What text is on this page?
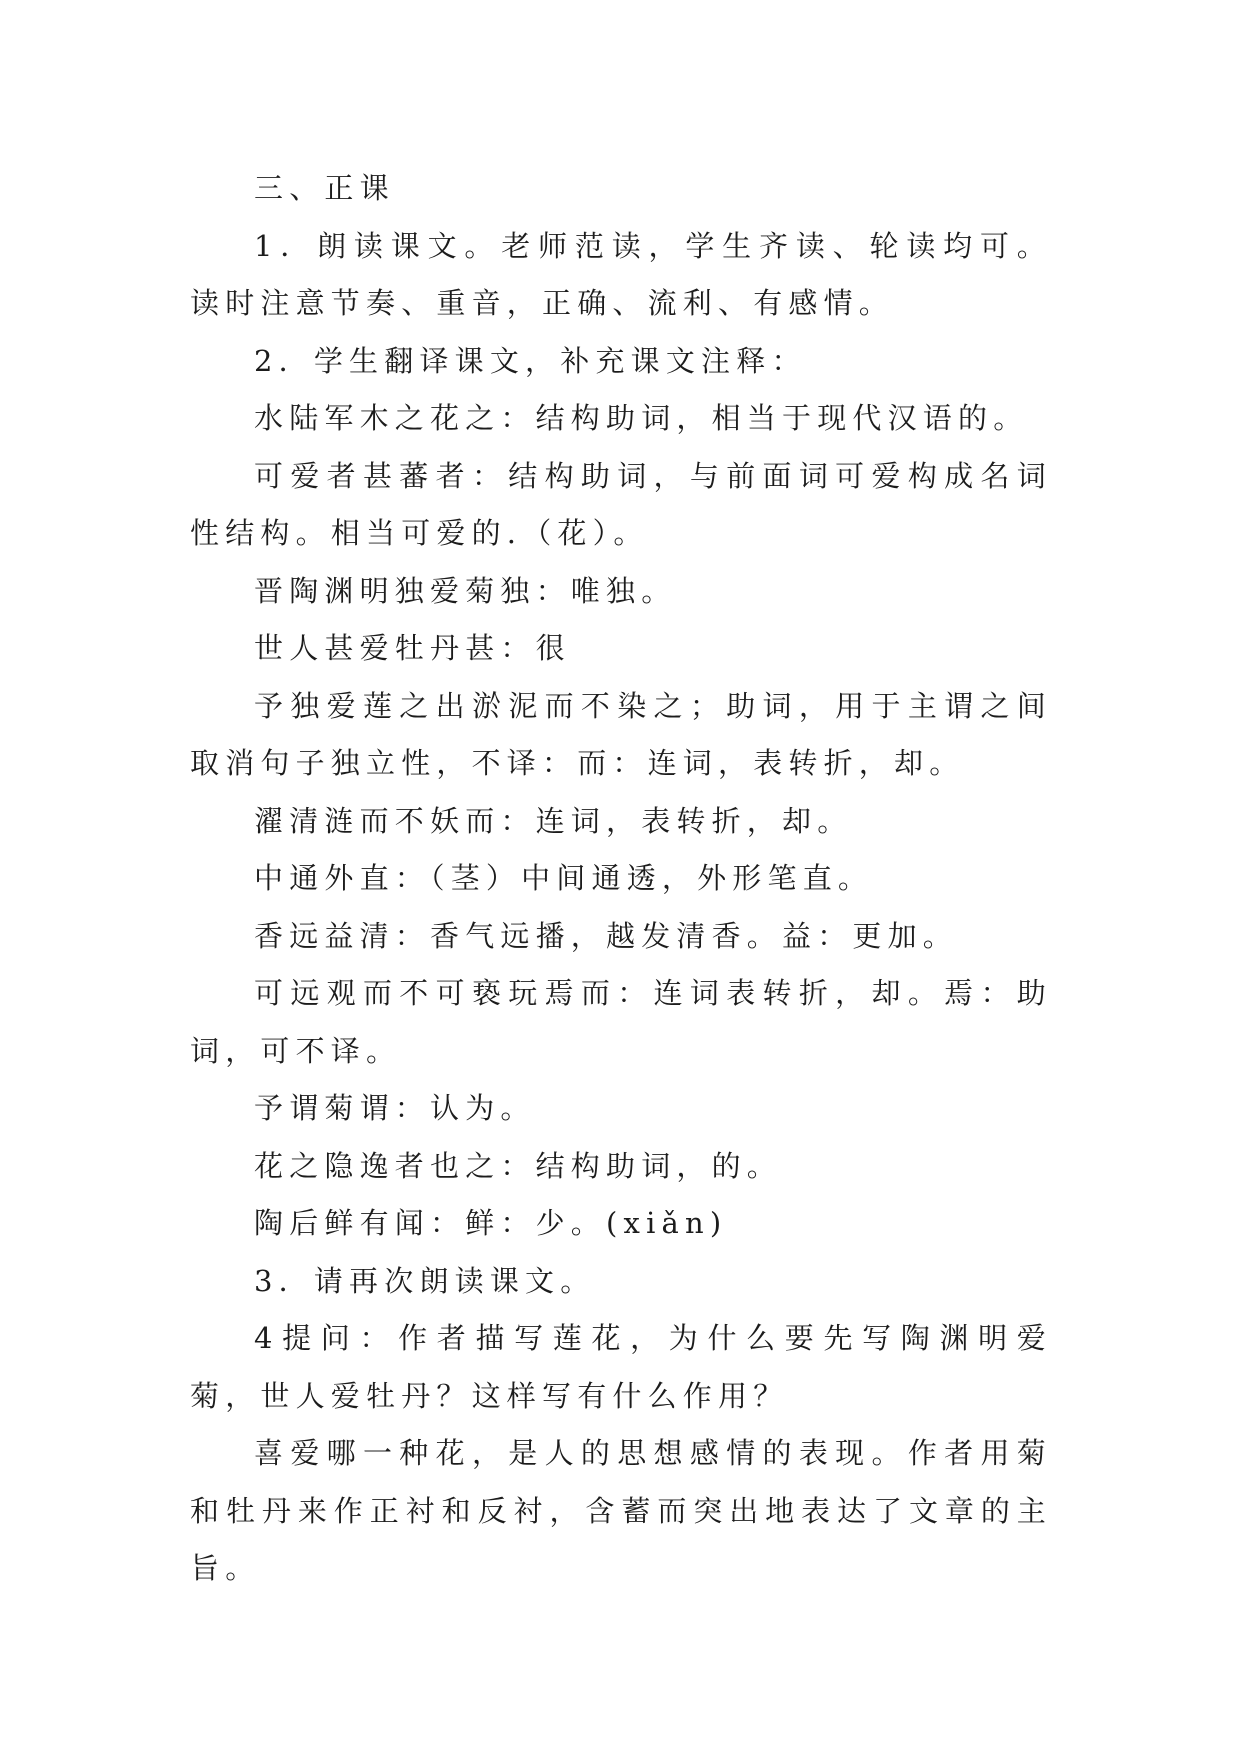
三、正课

1．朗读课文。老师范读，学生齐读、轮读均可。读时注意节奏、重音，正确、流利、有感情。

2．学生翻译课文，补充课文注释：

水陆军木之花之：结构助词，相当于现代汉语的。

可爱者甚蕃者：结构助词，与前面词可爱构成名词性结构。相当可爱的.（花）。

晋陶渊明独爱菊独：唯独。

世人甚爱牡丹甚：很

予独爱莲之出淤泥而不染之；助词，用于主谓之间取消句子独立性，不译：而：连词，表转折，却。

濯清涟而不妖而：连词，表转折，却。

中通外直：（茎）中间通透，外形笔直。

香远益清：香气远播，越发清香。益：更加。

可远观而不可亵玩焉而：连词表转折，却。焉：助词，可不译。

予谓菊谓：认为。

花之隐逸者也之：结构助词，的。

陶后鲜有闻：鲜：少。(xiǎn)

3．请再次朗读课文。

4提问：作者描写莲花，为什么要先写陶渊明爱菊，世人爱牡丹？这样写有什么作用？

喜爱哪一种花，是人的思想感情的表现。作者用菊和牡丹来作正衬和反衬，含蓄而突出地表达了文章的主旨。
